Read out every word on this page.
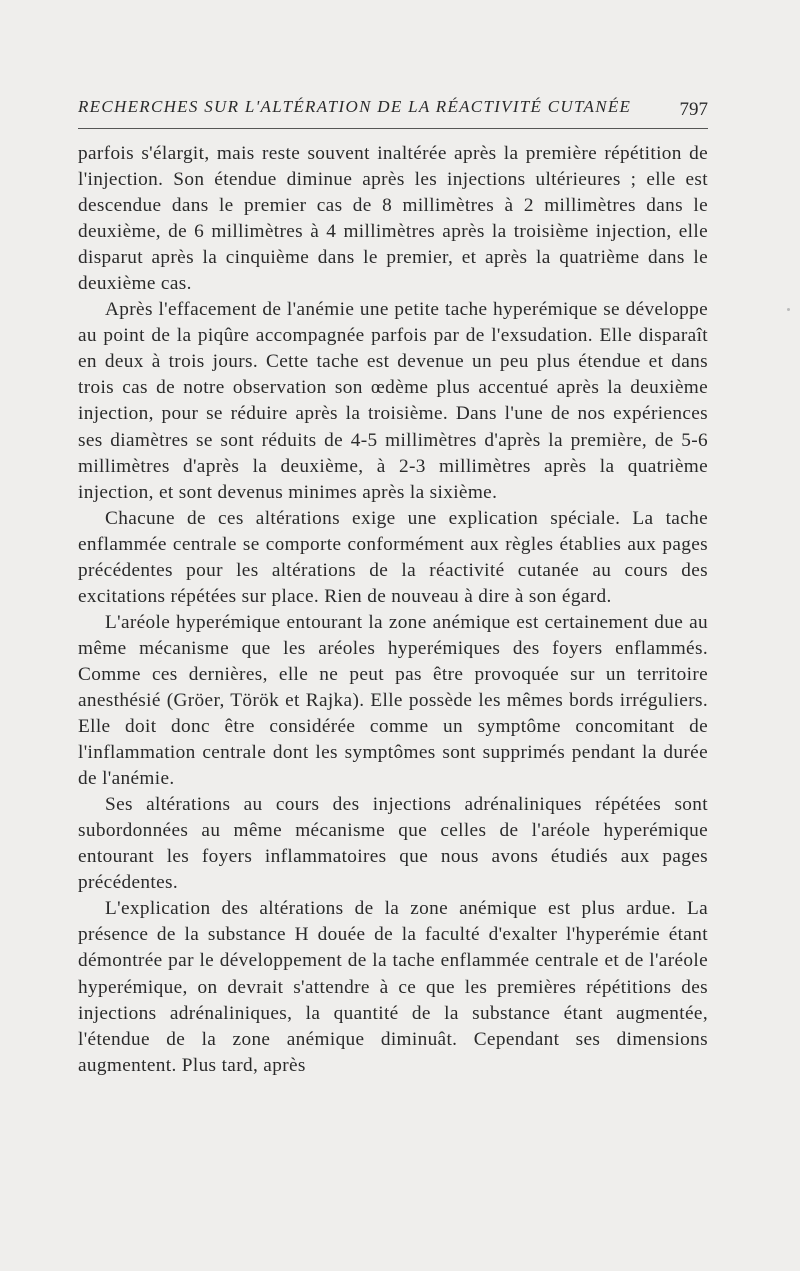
RECHERCHES SUR L'ALTÉRATION DE LA RÉACTIVITÉ CUTANÉE	797

parfois s'élargit, mais reste souvent inaltérée après la première répétition de l'injection. Son étendue diminue après les injections ultérieures ; elle est descendue dans le premier cas de 8 millimètres à 2 millimètres dans le deuxième, de 6 millimètres à 4 millimètres après la troisième injection, elle disparut après la cinquième dans le premier, et après la quatrième dans le deuxième cas.

Après l'effacement de l'anémie une petite tache hyperémique se développe au point de la piqûre accompagnée parfois par de l'exsudation. Elle disparaît en deux à trois jours. Cette tache est devenue un peu plus étendue et dans trois cas de notre observation son œdème plus accentué après la deuxième injection, pour se réduire après la troisième. Dans l'une de nos expériences ses diamètres se sont réduits de 4-5 millimètres d'après la première, de 5-6 millimètres d'après la deuxième, à 2-3 millimètres après la quatrième injection, et sont devenus minimes après la sixième.

Chacune de ces altérations exige une explication spéciale. La tache enflammée centrale se comporte conformément aux règles établies aux pages précédentes pour les altérations de la réactivité cutanée au cours des excitations répétées sur place. Rien de nouveau à dire à son égard.

L'aréole hyperémique entourant la zone anémique est certainement due au même mécanisme que les aréoles hyperémiques des foyers enflammés. Comme ces dernières, elle ne peut pas être provoquée sur un territoire anesthésié (Gröer, Török et Rajka). Elle possède les mêmes bords irréguliers. Elle doit donc être considérée comme un symptôme concomitant de l'inflammation centrale dont les symptômes sont supprimés pendant la durée de l'anémie.

Ses altérations au cours des injections adrénaliniques répétées sont subordonnées au même mécanisme que celles de l'aréole hyperémique entourant les foyers inflammatoires que nous avons étudiés aux pages précédentes.

L'explication des altérations de la zone anémique est plus ardue. La présence de la substance H douée de la faculté d'exalter l'hyperémie étant démontrée par le développement de la tache enflammée centrale et de l'aréole hyperémique, on devrait s'attendre à ce que les premières répétitions des injections adrénaliniques, la quantité de la substance étant augmentée, l'étendue de la zone anémique diminuât. Cependant ses dimensions augmentent. Plus tard, après
